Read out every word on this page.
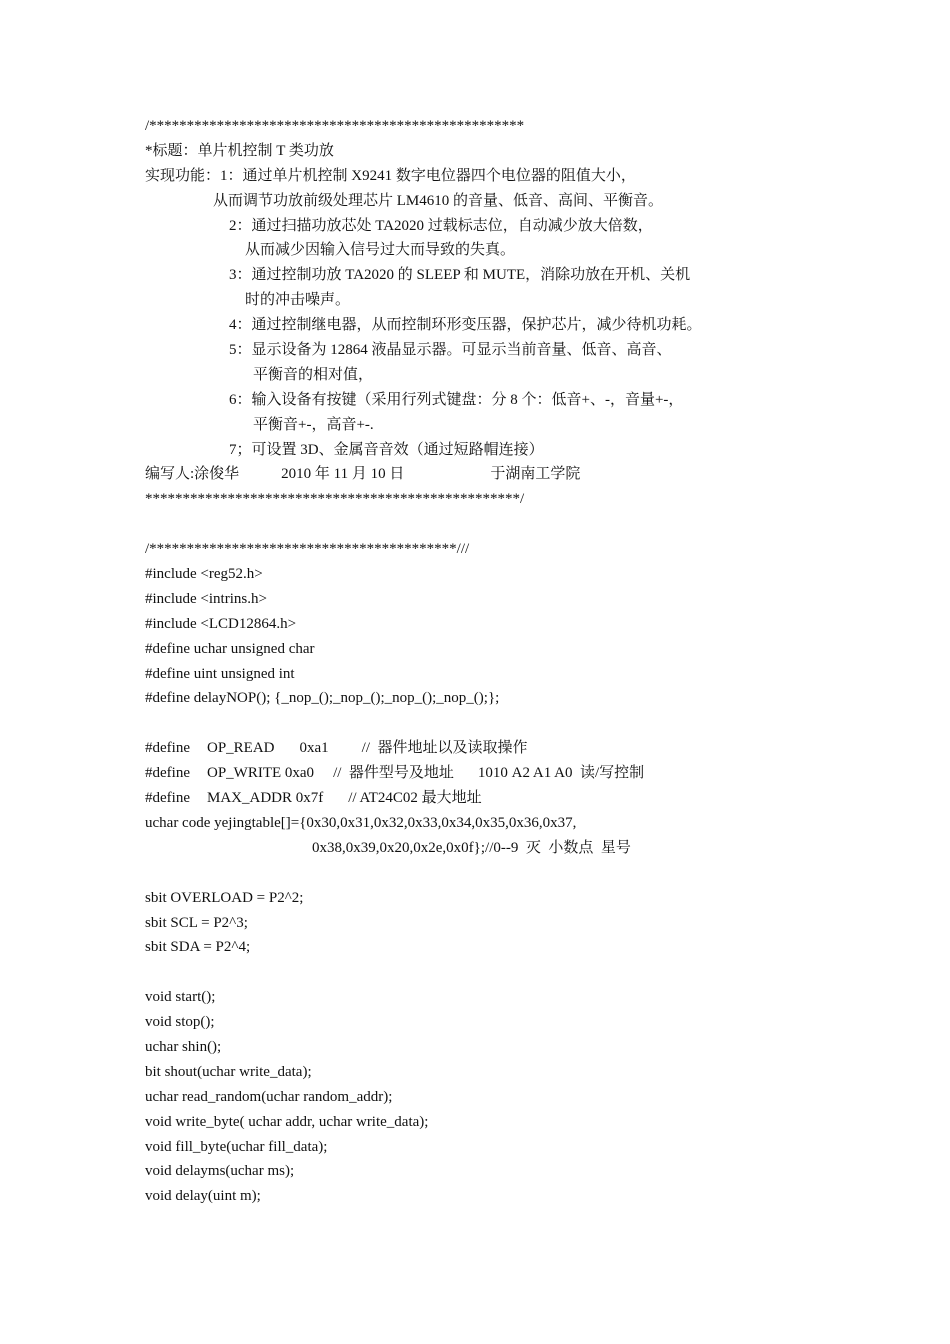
/**************************************************
*标题：单片机控制 T 类功放
实现功能：1：通过单片机控制 X9241 数字电位器四个电位器的阻值大小，
从而调节功放前级处理芯片 LM4610 的音量、低音、高间、平衡音。
2：通过扫描功放芯处 TA2020 过载标志位，自动减少放大倍数，
从而减少因输入信号过大而导致的失真。
3：通过控制功放 TA2020 的 SLEEP 和 MUTE，消除功放在开机、关机
时的冲击噪声。
4：通过控制继电器，从而控制环形变压器，保护芯片，减少待机功耗。
5：显示设备为 12864 液晶显示器。可显示当前音量、低音、高音、
平衡音的相对值，
6：输入设备有按键（采用行列式键盘：分 8 个：低音+、-，音量+-，
平衡音+-，高音+-.
7；可设置 3D、金属音音效（通过短路帽连接）
编写人:涂俊华	2010 年 11 月 10 日	于湖南工学院
**************************************************/
/*****************************************///
#include <reg52.h>
#include <intrins.h>
#include <LCD12864.h>
#define uchar unsigned char
#define uint unsigned int
#define delayNOP(); {_nop_();_nop_();_nop_();_nop_();};
#define OP_READ 0xa1 //  器件地址以及读取操作
#define OP_WRITE 0xa0 //  器件型号及地址 1010 A2 A1 A0  读/写控制
#define MAX_ADDR 0x7f // AT24C02 最大地址
uchar code yejingtable[]={0x30,0x31,0x32,0x33,0x34,0x35,0x36,0x37,
0x38,0x39,0x20,0x2e,0x0f};//0--9  灭  小数点  星号
sbit OVERLOAD = P2^2;
sbit SCL = P2^3;
sbit SDA = P2^4;
void start();
void stop();
uchar shin();
bit shout(uchar write_data);
uchar read_random(uchar random_addr);
void write_byte( uchar addr, uchar write_data);
void fill_byte(uchar fill_data);
void delayms(uchar ms);
void delay(uint m);
